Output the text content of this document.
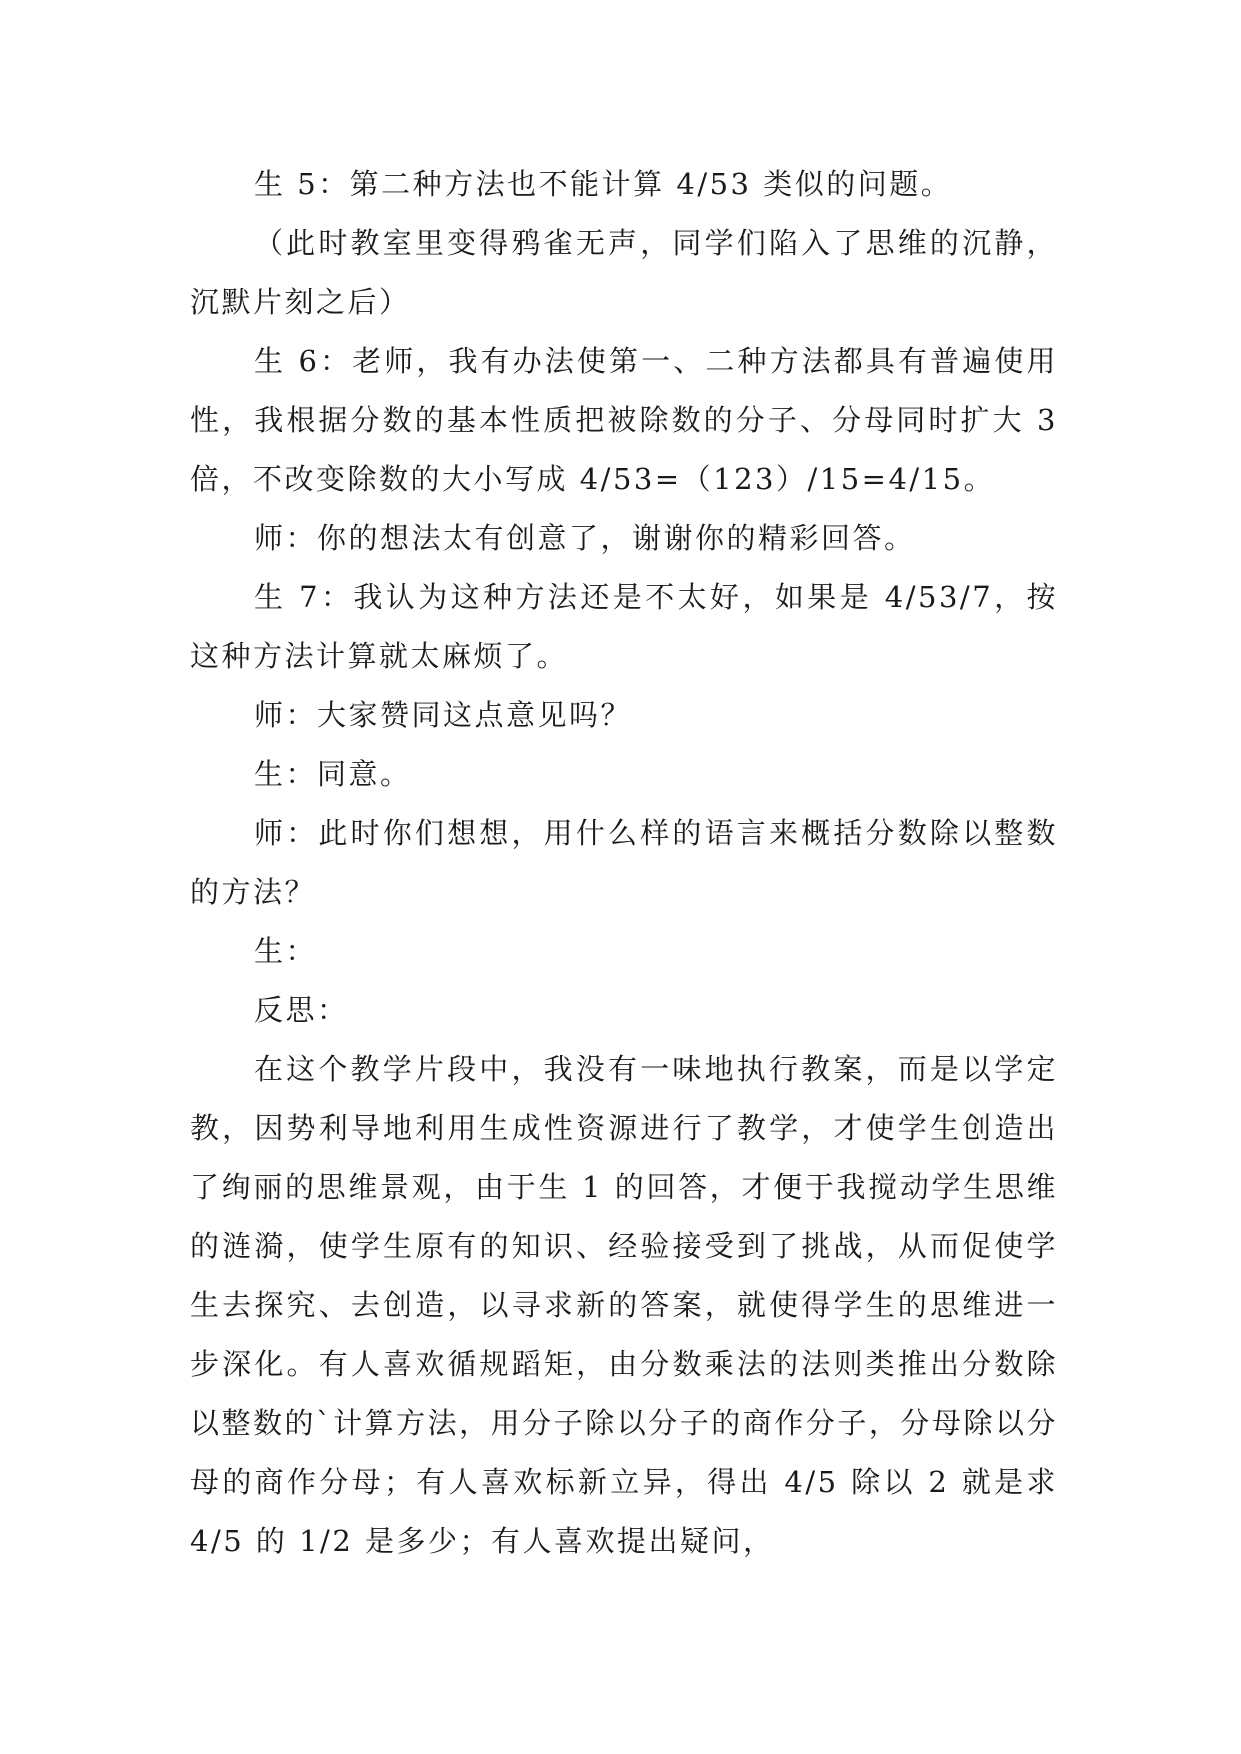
生 5：第二种方法也不能计算 4/53 类似的问题。

（此时教室里变得鸦雀无声，同学们陷入了思维的沉静，沉默片刻之后）

生 6：老师，我有办法使第一、二种方法都具有普遍使用性，我根据分数的基本性质把被除数的分子、分母同时扩大 3 倍，不改变除数的大小写成 4/53=（123）/15=4/15。

师：你的想法太有创意了，谢谢你的精彩回答。

生 7：我认为这种方法还是不太好，如果是 4/53/7，按这种方法计算就太麻烦了。

师：大家赞同这点意见吗？

生：同意。

师：此时你们想想，用什么样的语言来概括分数除以整数的方法？

生：

反思：

在这个教学片段中，我没有一味地执行教案，而是以学定教，因势利导地利用生成性资源进行了教学，才使学生创造出了绚丽的思维景观，由于生 1 的回答，才便于我搅动学生思维的涟漪，使学生原有的知识、经验接受到了挑战，从而促使学生去探究、去创造，以寻求新的答案，就使得学生的思维进一步深化。有人喜欢循规蹈矩，由分数乘法的法则类推出分数除以整数的`计算方法，用分子除以分子的商作分子，分母除以分母的商作分母；有人喜欢标新立异，得出 4/5 除以 2 就是求 4/5 的 1/2 是多少；有人喜欢提出疑问，
